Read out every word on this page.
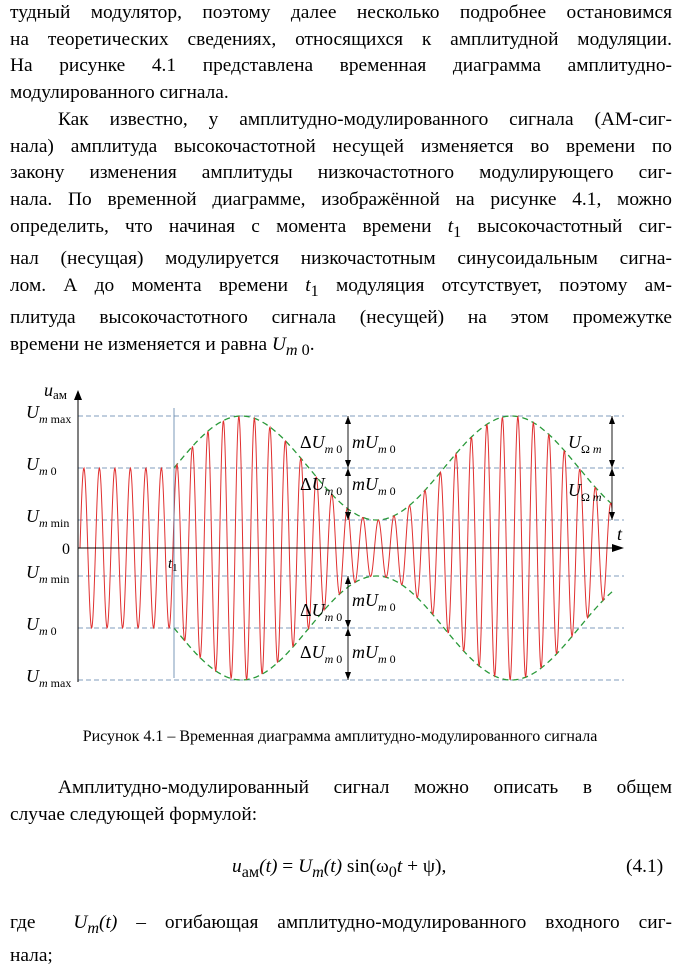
тудный модулятор, поэтому далее несколько подробнее остановимся
на теоретических сведениях, относящихся к амплитудной модуляции.
На рисунке 4.1 представлена временная диаграмма амплитудно-
модулированного сигнала.

Как известно, у амплитудно-модулированного сигнала (АМ-сиг-
нала) амплитуда высокочастотной несущей изменяется во времени по
закону изменения амплитуды низкочастотного модулирующего сиг-
нала. По временной диаграмме, изображённой на рисунке 4.1, можно
определить, что начиная с момента времени $t_1$ высокочастотный сиг-
нал (несущая) модулируется низкочастотным синусоидальным сигна-
лом. А до момента времени $t_1$ модуляция отсутствует, поэтому ам-
плитуда высокочастотного сигнала (несущей) на этом промежутке
времени не изменяется и равна $U_{m 0}$.

uам
t
0
$t_1$
$U_m$ max
$U_m$ 0
$U_m$ min
$U_m$ min
$U_m$ 0
$U_m$ max
$\Delta U_m$ 0 $mU_m$ 0
$\Delta U_m$ 0 $mU_m$ 0
$\Delta U_m$ 0
$mU_m$ 0
$\Delta U_m$ 0 $mU_m$ 0
$U_\Omega$ m
$U_\Omega$ m
Рисунок 4.1 – Временная диаграмма амплитудно-модулированного сигнала

Амплитудно-модулированный сигнал можно описать в общем
случае следующей формулой:

$u_{ам}(t) = U_m(t) \sin(\omega_0t + \psi)$,	(4.1)

где  $U_m(t)$ – огибающая амплитудно-модулированного входного сиг-
нала;
